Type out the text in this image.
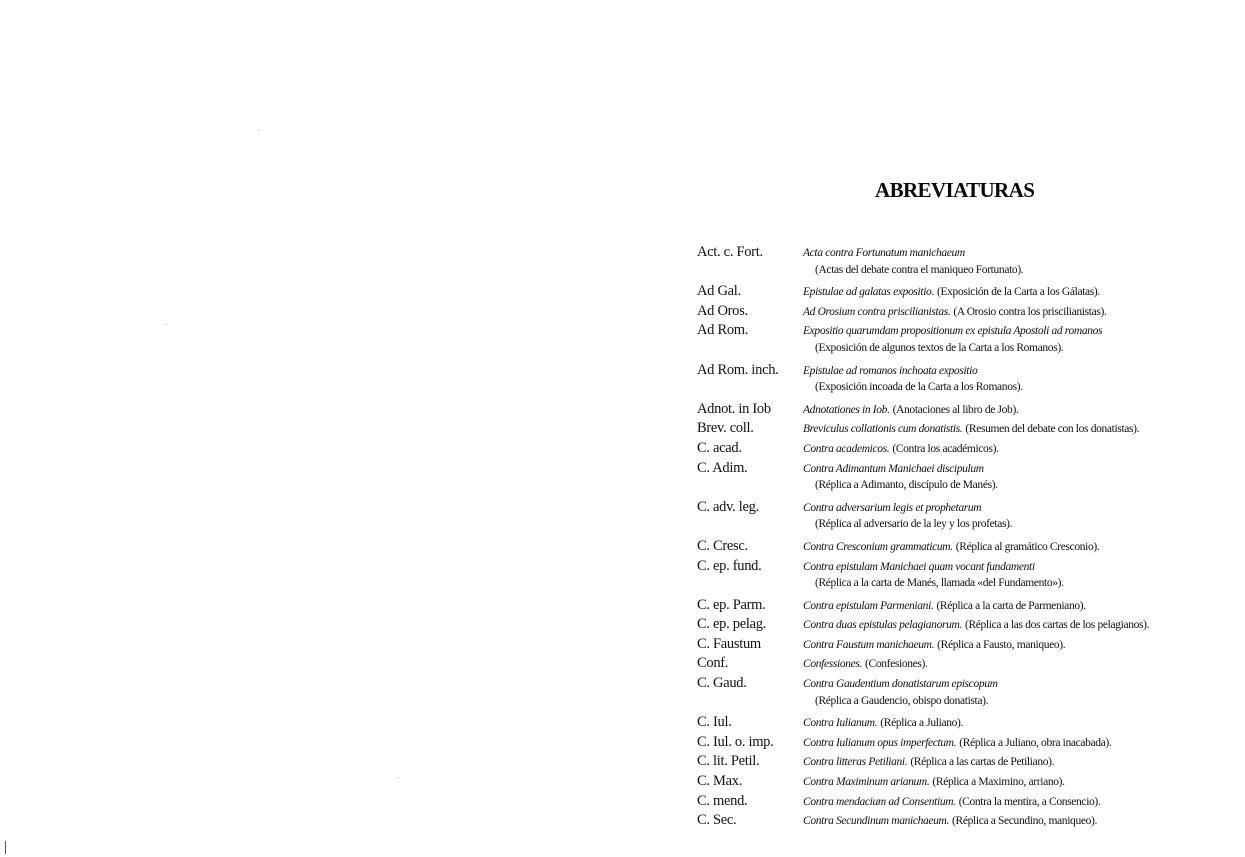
ABREVIATURAS
Act. c. Fort.	Acta contra Fortunatum manichaeum
(Actas del debate contra el maniqueo Fortunato).
Ad Gal.	Epistulae ad galatas expositio. (Exposición de la Carta a los Gálatas).
Ad Oros.	Ad Orosium contra priscilianistas. (A Orosio contra los priscilianistas).
Ad Rom.	Expositio quarumdam propositionum ex epistula Apostoli ad romanos
(Exposición de algunos textos de la Carta a los Romanos).
Ad Rom. inch.	Epistulae ad romanos inchoata expositio
(Exposición incoada de la Carta a los Romanos).
Adnot. in Iob	Adnotationes in Iob. (Anotaciones al libro de Job).
Brev. coll.	Breviculus collationis cum donatistis. (Resumen del debate con los donatistas).
C. acad.	Contra academicos. (Contra los académicos).
C. Adim.	Contra Adimantum Manichaei discipulum
(Réplica a Adimanto, discípulo de Manés).
C. adv. leg.	Contra adversarium legis et prophetarum
(Réplica al adversario de la ley y los profetas).
C. Cresc.	Contra Cresconium grammaticum. (Réplica al gramático Cresconio).
C. ep. fund.	Contra epistulam Manichaei quam vocant fundamenti
(Réplica a la carta de Manés, llamada «del Fundamento»).
C. ep. Parm.	Contra epistulam Parmeniani. (Réplica a la carta de Parmeniano).
C. ep. pelag.	Contra duas epistulas pelagianorum. (Réplica a las dos cartas de los pelagianos).
C. Faustum	Contra Faustum manichaeum. (Réplica a Fausto, maniqueo).
Conf.	Confessiones. (Confesiones).
C. Gaud.	Contra Gaudentium donatistarum episcopum
(Réplica a Gaudencio, obispo donatista).
C. Iul.	Contra Iulianum. (Réplica a Juliano).
C. Iul. o. imp.	Contra Iulianum opus imperfectum. (Réplica a Juliano, obra inacabada).
C. lit. Petil.	Contra litteras Petiliani. (Réplica a las cartas de Petiliano).
C. Max.	Contra Maximinum arianum. (Réplica a Maximino, arriano).
C. mend.	Contra mendacium ad Consentium. (Contra la mentira, a Consencio).
C. Sec.	Contra Secundinum manichaeum. (Réplica a Secundino, maniqueo).
